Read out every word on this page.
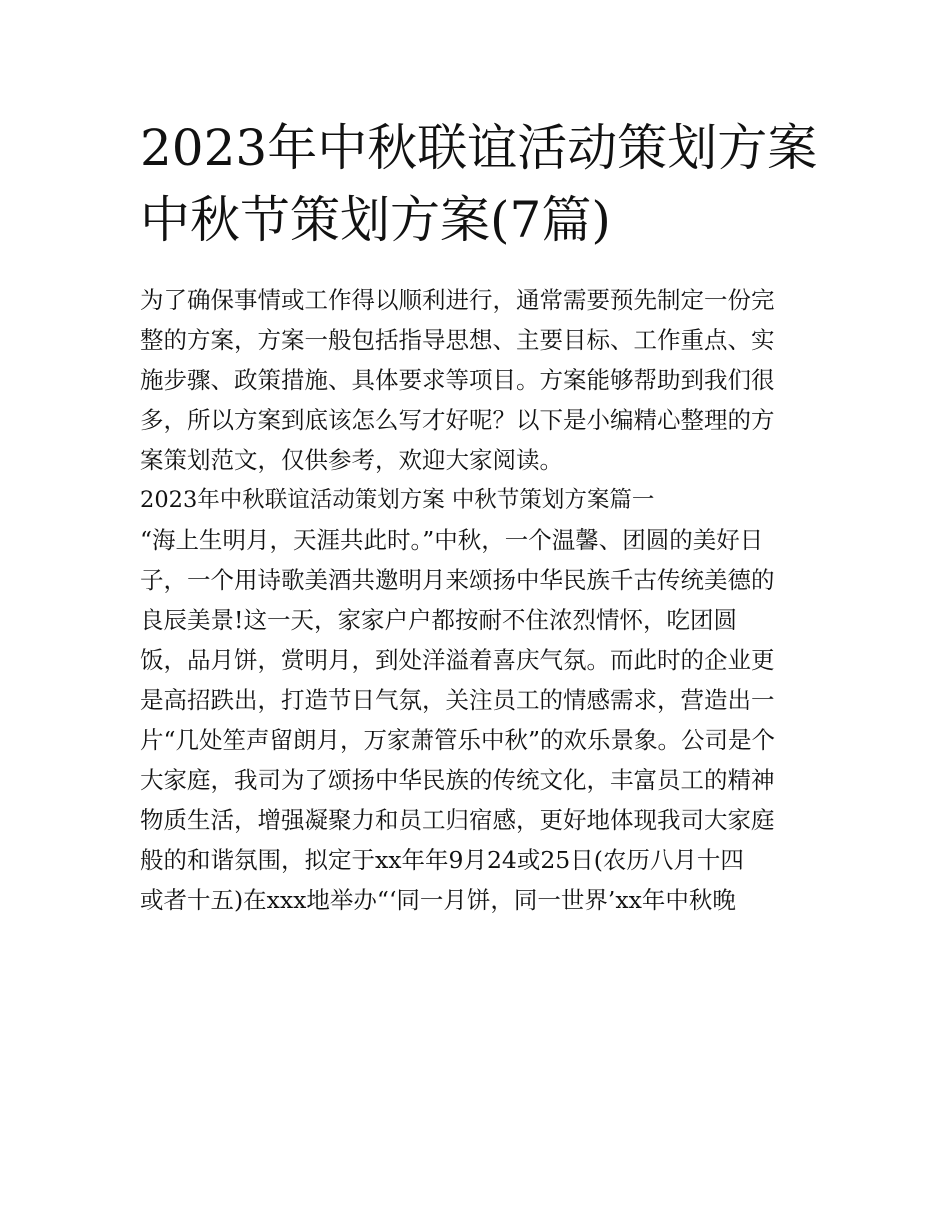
2023年中秋联谊活动策划方案
中秋节策划方案(7篇)
为了确保事情或工作得以顺利进行，通常需要预先制定一份完
整的方案，方案一般包括指导思想、主要目标、工作重点、实
施步骤、政策措施、具体要求等项目。方案能够帮助到我们很
多，所以方案到底该怎么写才好呢？以下是小编精心整理的方
案策划范文，仅供参考，欢迎大家阅读。
2023年中秋联谊活动策划方案 中秋节策划方案篇一
“海上生明月，天涯共此时。”中秋，一个温馨、团圆的美好日
子，一个用诗歌美酒共邀明月来颂扬中华民族千古传统美德的
良辰美景!这一天，家家户户都按耐不住浓烈情怀，吃团圆
饭，品月饼，赏明月，到处洋溢着喜庆气氛。而此时的企业更
是高招跌出，打造节日气氛，关注员工的情感需求，营造出一
片“几处笙声留朗月，万家萧管乐中秋”的欢乐景象。公司是个
大家庭，我司为了颂扬中华民族的传统文化，丰富员工的精神
物质生活，增强凝聚力和员工归宿感，更好地体现我司大家庭
般的和谐氛围，拟定于xx年年9月24或25日(农历八月十四
或者十五)在xxx地举办“‘同一月饼，同一世界’xx年中秋晚
